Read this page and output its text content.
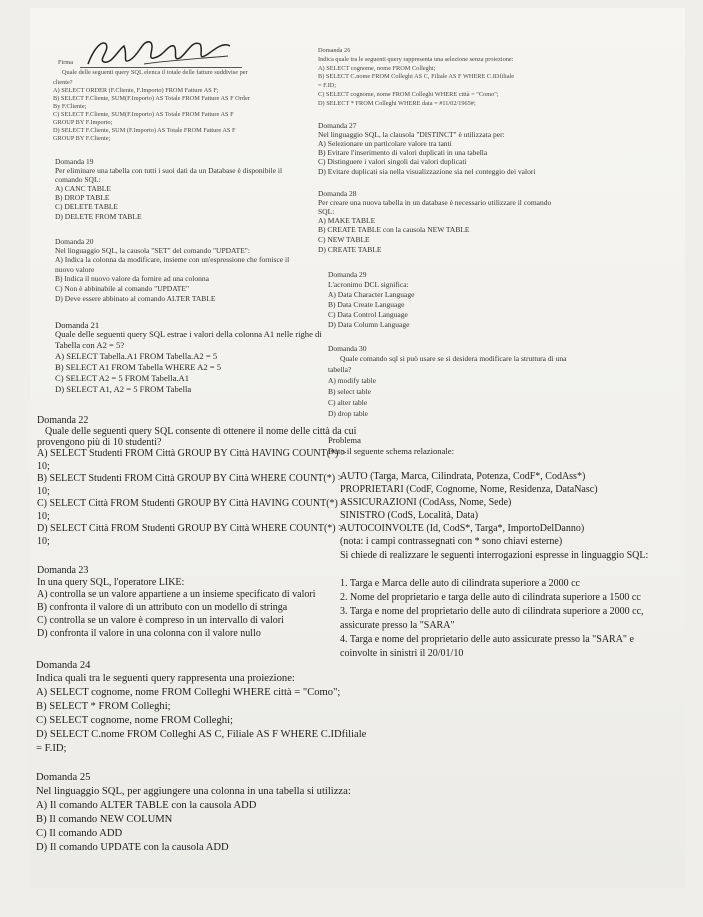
Firma
Quale delle seguenti query SQL elenca il totale delle fatture suddivise per
cliente?
A) SELECT ORDER (F.Cliente, F.Importo) FROM Fatture AS F;
B) SELECT F.Cliente, SUM(F.Importo) AS Totale FROM Fatture AS F Order
By F.Cliente;
C) SELECT F.Cliente, SUM(F.Importo) AS Totale FROM Fatture AS F
GROUP BY F.Importo;
D) SELECT F.Cliente, SUM (F.Importo) AS Totale FROM Fatture AS F
GROUP BY F.Cliente;
Domanda 19
Per eliminare una tabella con tutti i suoi dati da un Database è disponibile il
comando SQL:
A) CANC TABLE
B) DROP TABLE
C) DELETE TABLE
D) DELETE FROM TABLE
Domanda 20
Nel linguaggio SQL, la causola "SET" del comando "UPDATE":
A) Indica la colonna da modificare, insieme con un'espressione che fornisce il
nuovo valore
B) Indica il nuovo valore da fornire ad una colonna
C) Non è abbinabile al comando "UPDATE"
D) Deve essere abbinato al comando ALTER TABLE
Domanda 21
Quale delle seguenti query SQL estrae i valori della colonna A1 nelle righe di
Tabella con A2 = 5?
A) SELECT Tabella.A1 FROM Tabella.A2 = 5
B) SELECT A1 FROM Tabella WHERE A2 = 5
C) SELECT A2 = 5 FROM Tabella.A1
D) SELECT A1, A2 = 5 FROM Tabella
Domanda 22
Quale delle seguenti query SQL consente di ottenere il nome delle città da cui
provengono più di 10 studenti?
A) SELECT Studenti FROM Città GROUP BY Città HAVING COUNT(*) >
10;
B) SELECT Studenti FROM Città GROUP BY Città WHERE COUNT(*) >
10;
C) SELECT Città FROM Studenti GROUP BY Città HAVING COUNT(*) >
10;
D) SELECT Città FROM Studenti GROUP BY Città WHERE COUNT(*) >
10;
Domanda 23
In una query SQL, l'operatore LIKE:
A) controlla se un valore appartiene a un insieme specificato di valori
B) confronta il valore di un attributo con un modello di stringa
C) controlla se un valore è compreso in un intervallo di valori
D) confronta il valore in una colonna con il valore nullo
Domanda 24
Indica quali tra le seguenti query rappresenta una proiezione:
A) SELECT cognome, nome FROM Colleghi WHERE città = "Como";
B) SELECT * FROM Colleghi;
C) SELECT cognome, nome FROM Colleghi;
D) SELECT C.nome FROM Colleghi AS C, Filiale AS F WHERE C.IDfiliale
= F.ID;
Domanda 25
Nel linguaggio SQL, per aggiungere una colonna in una tabella si utilizza:
A) Il comando ALTER TABLE con la causola ADD
B) Il comando NEW COLUMN
C) Il comando ADD
D) Il comando UPDATE con la causola ADD
Domanda 26
Indica quale tra le seguenti query rappresenta una selezione senza proiezione:
A) SELECT cognome, nome FROM Colleghi;
B) SELECT C.nome FROM Colleghi AS C, Filiale AS F WHERE C.IDfiliale
= F.ID;
C) SELECT cognome, nome FROM Colleghi WHERE città = "Como";
D) SELECT * FROM Colleghi WHERE data = #11/02/1965#;
Domanda 27
Nel linguaggio SQL, la clausola "DISTINCT" è utilizzata per:
A) Selezionare un particolare valore tra tanti
B) Evitare l'inserimento di valori duplicati in una tabella
C) Distinguere i valori singoli dai valori duplicati
D) Evitare duplicati sia nella visualizzazione sia nel conteggio dei valori
Domanda 28
Per creare una nuova tabella in un database è necessario utilizzare il comando
SQL:
A) MAKE TABLE
B) CREATE TABLE con la causola NEW TABLE
C) NEW TABLE
D) CREATE TABLE
Domanda 29
L'acronimo DCL significa:
A) Data Character Language
B) Data Create Language
C) Data Control Language
D) Data Column Language
Domanda 30
Quale comando sql si può usare se si desidera modificare la struttura di una
tabella?
A) modify table
B) select table
C) alter table
D) drop table
Problema
Dato il seguente schema relazionale:
AUTO (Targa, Marca, Cilindrata, Potenza, CodF*, CodAss*)
PROPRIETARI (CodF, Cognome, Nome, Residenza, DataNasc)
ASSICURAZIONI (CodAss, Nome, Sede)
SINISTRO (CodS, Località, Data)
AUTOCOINVOLTE (Id, CodS*, Targa*, ImportoDelDanno)
(nota: i campi contrassegnati con * sono chiavi esterne)
Si chiede di realizzare le seguenti interrogazioni espresse in linguaggio SQL:
1. Targa e Marca delle auto di cilindrata superiore a 2000 cc
2. Nome del proprietario e targa delle auto di cilindrata superiore a 1500 cc
3. Targa e nome del proprietario delle auto di cilindrata superiore a 2000 cc,
assicurate presso la "SARA"
4. Targa e nome del proprietario delle auto assicurate presso la "SARA" e
coinvolte in sinistri il 20/01/10
